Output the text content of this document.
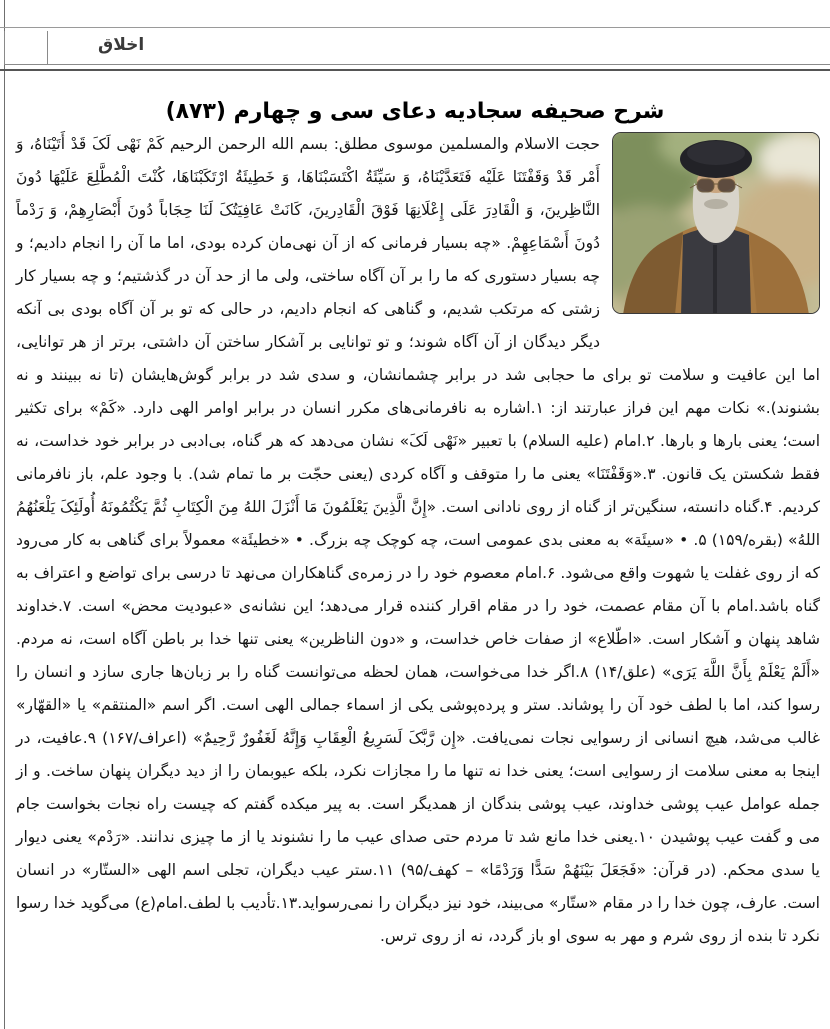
اخلاق
شرح صحیفه سجادیه دعای سی و چهارم (۸۷۳)
حجت الاسلام والمسلمین موسوی مطلق: بسم الله الرحمن الرحیم کَمْ نَهْی لَکَ قَدْ أَتَیْنَاهُ، وَ أَمْر قَدْ وَقَفْتَنَا عَلَیْه فَتَعَدَّیْنَاهُ، وَ سَیِّئَةُ اکْتَسَبْنَاهَا، وَ خَطِیئَةُ ارْتَکَبْنَاهَا، کُنْتَ الْمُطَّلِعَ عَلَیْهَا دُونَ النَّاظِرینَ، وَ الْقَادِرَ عَلَی إِعْلَانِهَا فَوْقَ الْقَادِرینَ، کَانَتْ عَافِیَتُکَ لَنَا حِجَاباً دُونَ أَبْصَارِهِمْ، وَ رَدْماً دُونَ أَسْمَاعِهِمْ. «چه بسیار فرمانی که از آن نهی‌مان کرده بودی، اما ما آن را انجام دادیم؛ و چه بسیار دستوری که ما را بر آن آگاه ساختی، ولی ما از حد آن در گذشتیم؛ و چه بسیار کار زشتی که مرتکب شدیم، و گناهی که انجام دادیم، در حالی که تو بر آن آگاه بودی بی آنکه دیگر دیدگان از آن آگاه شوند؛ و تو توانایی بر آشکار ساختن آن داشتی، برتر از هر توانایی، اما این عافیت و سلامت تو برای ما حجابی شد در برابر چشمانشان، و سدی شد در برابر گوش‌هایشان (تا نه ببینند و نه بشنوند).» نکات مهم این فراز عبارتند از: ۱.اشاره به نافرمانی‌های مکرر انسان در برابر اوامر الهی دارد. «کَمْ» برای تکثیر است؛ یعنی بارها و بارها. ۲.امام (علیه السلام) با تعبیر «نَهْی لَکَ» نشان می‌دهد که هر گناه، بی‌ادبی در برابر خود خداست، نه فقط شکستن یک قانون. ۳.«وَقَفْتَنَا» یعنی ما را متوقف و آگاه کردی (یعنی حجّت بر ما تمام شد). با وجود علم، باز نافرمانی کردیم. ۴.گناه دانسته، سنگین‌تر از گناه از روی نادانی است. «إِنَّ الَّذِینَ یَعْلَمُونَ مَا أَنْزَلَ اللهُ مِنَ الْکِتَابِ ثُمَّ یَکْتُمُونَهُ أُولَئِکَ یَلْعَنُهُمُ اللهُ» (بقره/۱۵۹) ۵. • «سیئَة» به معنی بدی عمومی است، چه کوچک چه بزرگ. • «خطیئَة» معمولاً برای گناهی به کار می‌رود که از روی غفلت یا شهوت واقع می‌شود. ۶.امام معصوم خود را در زمره‌ی گناهکاران می‌نهد تا درسی برای تواضع و اعتراف به گناه باشد.امام با آن مقام عصمت، خود را در مقام اقرار کننده قرار می‌دهد؛ این نشانه‌ی «عبودیت محض» است. ۷.خداوند شاهد پنهان و آشکار است. «اطّلاع» از صفات خاص خداست، و «دون الناظرین» یعنی تنها خدا بر باطن آگاه است، نه مردم. «أَلَمْ یَعْلَمْ بِأَنَّ اللَّهَ یَرَی» (علق/۱۴) ۸.اگر خدا می‌خواست، همان لحظه می‌توانست گناه را بر زبان‌ها جاری سازد و انسان را رسوا کند، اما با لطف خود آن را پوشاند. ستر و پرده‌پوشی یکی از اسماء جمالی الهی است. اگر اسم «المنتقم» یا «القهّار» غالب می‌شد، هیچ انسانی از رسوایی نجات نمی‌یافت. «إِن رَّبَّکَ لَسَرِیعُ الْعِقَابِ وَإِنَّهُ لَغَفُورٌ رَّحِیمٌ» (اعراف/۱۶۷) ۹.عافیت، در اینجا به معنی سلامت از رسوایی است؛ یعنی خدا نه تنها ما را مجازات نکرد، بلکه عیوبمان را از دید دیگران پنهان ساخت. و از جمله عوامل عیب پوشی خداوند، عیب پوشی بندگان از همدیگر است. به پیر میکده گفتم که چیست راه نجات بخواست جام می و گفت عیب پوشیدن ۱۰.یعنی خدا مانع شد تا مردم حتی صدای عیب ما را نشنوند یا از ما چیزی ندانند. «رَدْم» یعنی دیوار یا سدی محکم. (در قرآن: «فَجَعَلَ بَیْنَهُمْ سَدًّا وَرَدْمًا» – کهف/۹۵) ۱۱.ستر عیب دیگران، تجلی اسم الهی «الستّار» در انسان است. عارف، چون خدا را در مقام «ستّار» می‌بیند، خود نیز دیگران را نمی‌رسواید.۱۳.تأدیب با لطف.امام(ع) می‌گوید خدا رسوا نکرد تا بنده از روی شرم و مهر به سوی او باز گردد، نه از روی ترس.
